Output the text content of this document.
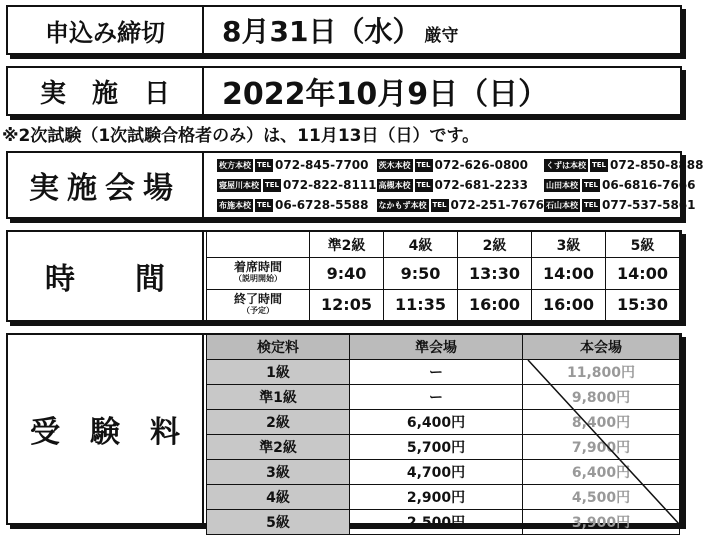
申込み締切	8月31日（水） 厳守
実　施　日	2022年10月9日（日）
※2次試験（1次試験合格者のみ）は、11月13日（日）です。
実施会場
枚方本校 TEL 072-845-7700 茨木本校 TEL 072-626-0800 くずは本校 TEL 072-850-8888
寝屋川本校 TEL 072-822-8111 高槻本校 TEL 072-681-2233 山田本校 TEL 06-6816-7666
布施本校 TEL 06-6728-5588 なかもず本校 TEL 072-251-7676 石山本校 TEL 077-537-5861
時　　間
	準2級	4級	2級	3級	5級

着席時間
（説明開始）	9:40	9:50	13:30	14:00	14:00

終了時間
（予定）	12:05	11:35	16:00	16:00	15:30
受　験　料
検定料	準会場	本会場
1級	ー	11,800円
準1級	ー	9,800円
2級	6,400円	8,400円
準2級	5,700円	7,900円
3級	4,700円	6,400円
4級	2,900円	4,500円
5級	2,500円	3,900円
